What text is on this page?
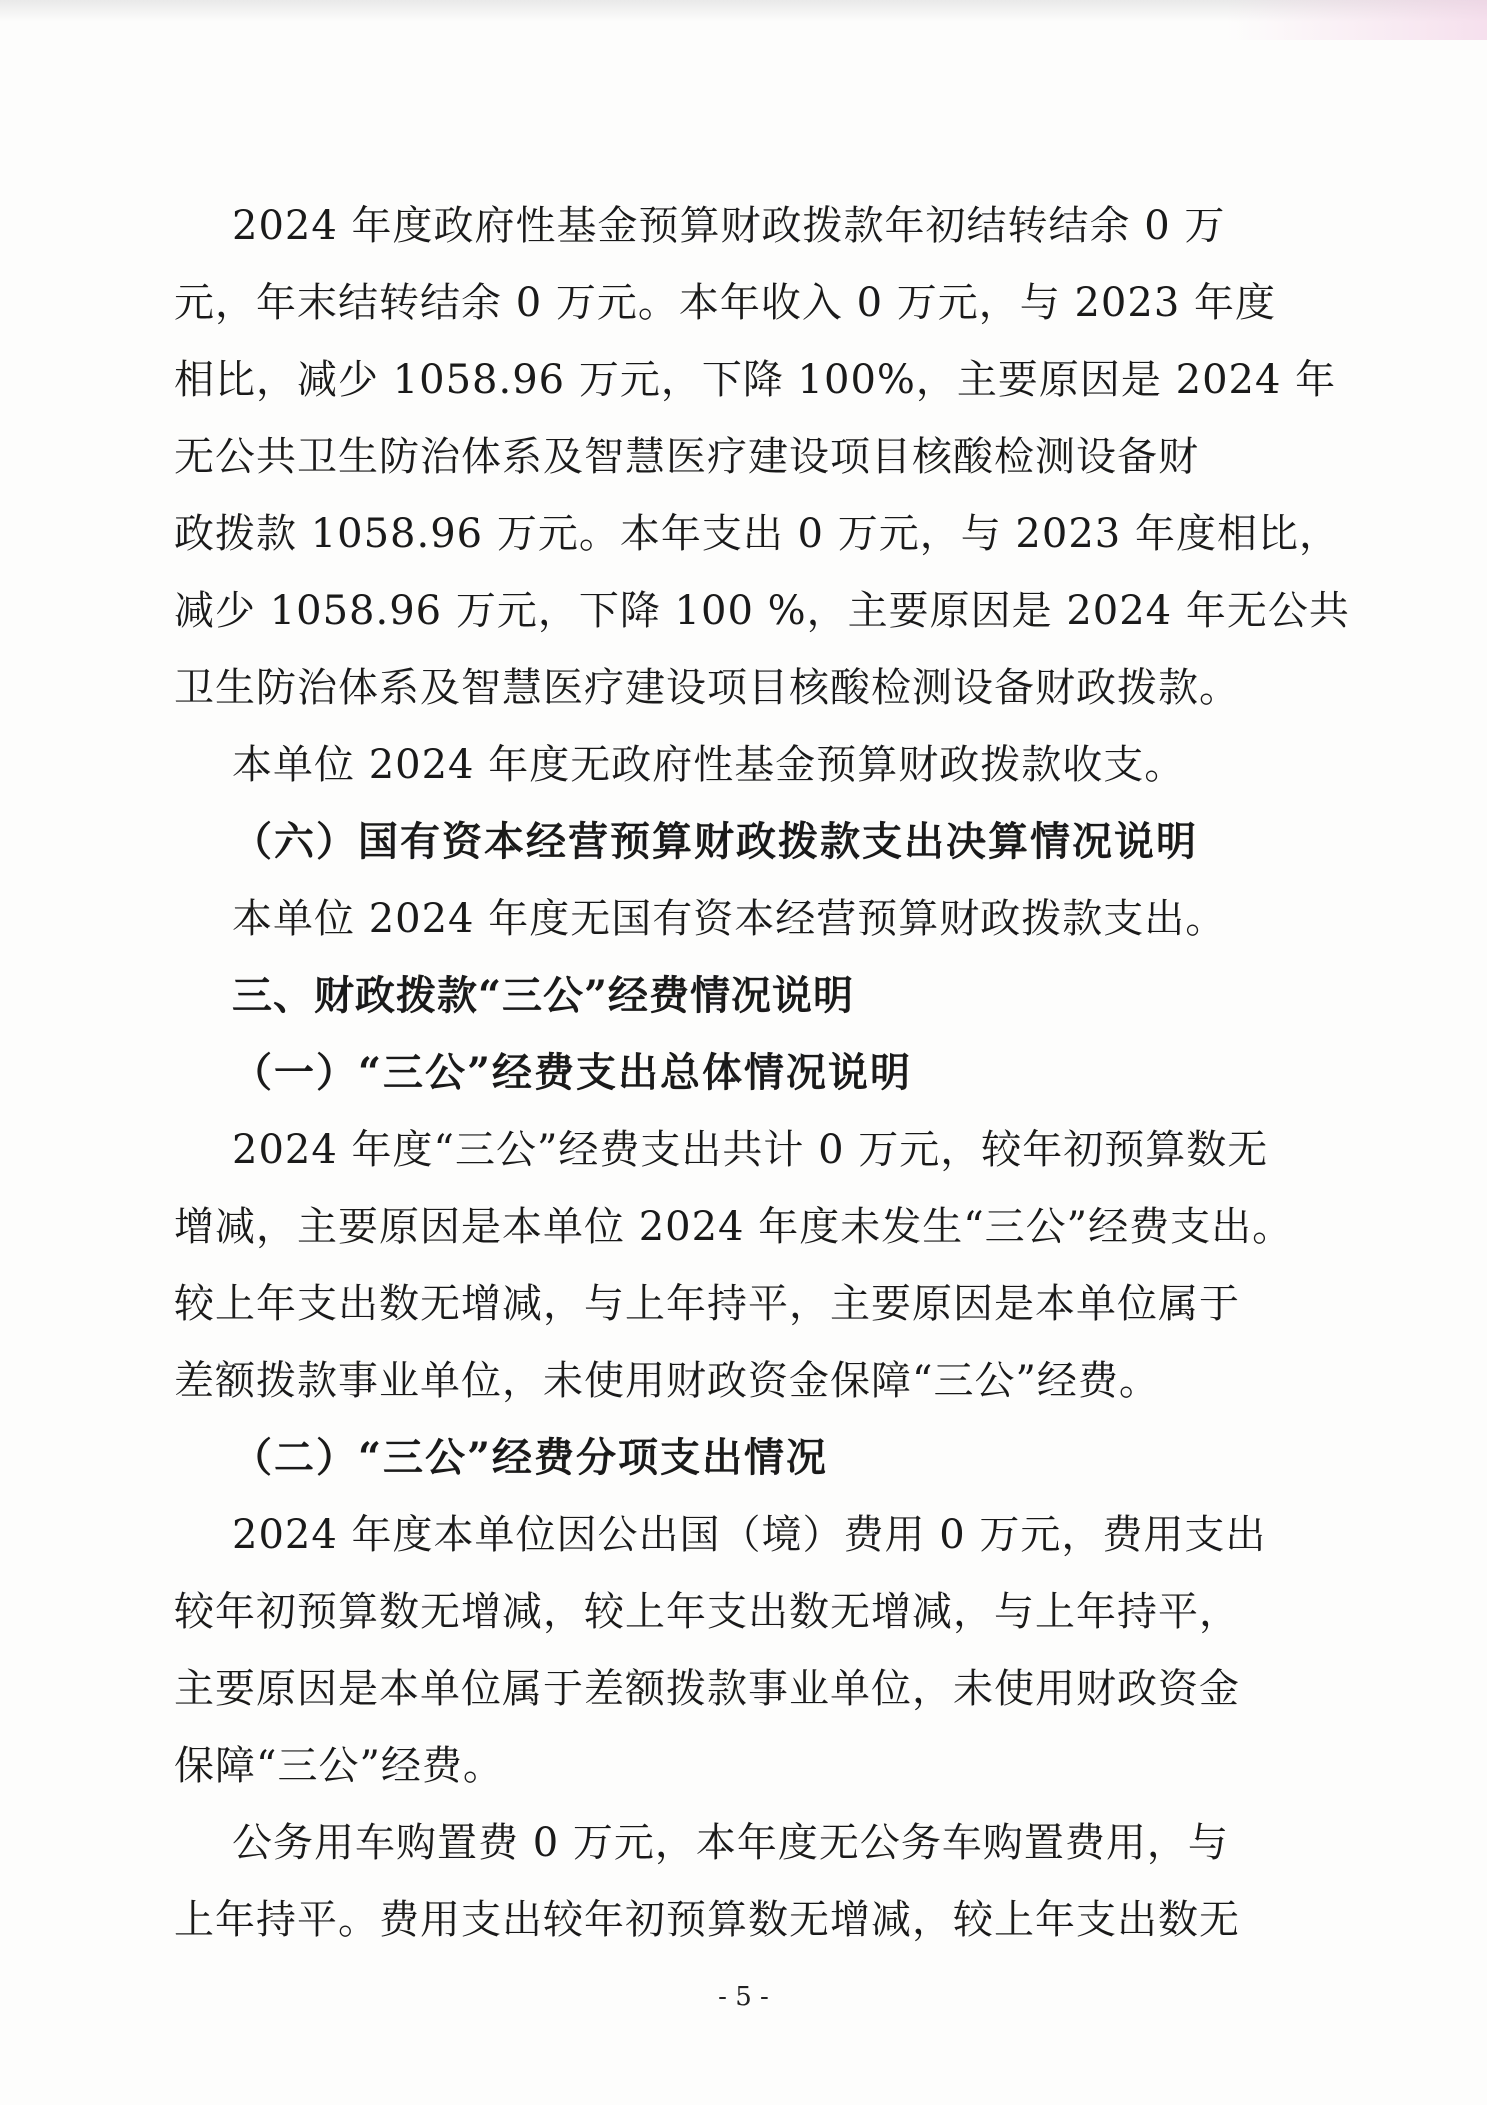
2024 年度政府性基金预算财政拨款年初结转结余 0 万
元，年末结转结余 0 万元。本年收入 0 万元，与 2023 年度
相比，减少 1058.96 万元，下降 100%，主要原因是 2024 年
无公共卫生防治体系及智慧医疗建设项目核酸检测设备财
政拨款 1058.96 万元。本年支出 0 万元，与 2023 年度相比，
减少 1058.96 万元，下降 100 %，主要原因是 2024 年无公共
卫生防治体系及智慧医疗建设项目核酸检测设备财政拨款。
本单位 2024 年度无政府性基金预算财政拨款收支。
（六）国有资本经营预算财政拨款支出决算情况说明
本单位 2024 年度无国有资本经营预算财政拨款支出。
三、财政拨款“三公”经费情况说明
（一）“三公”经费支出总体情况说明
2024 年度“三公”经费支出共计 0 万元，较年初预算数无
增减，主要原因是本单位 2024 年度未发生“三公”经费支出。
较上年支出数无增减，与上年持平，主要原因是本单位属于
差额拨款事业单位，未使用财政资金保障“三公”经费。
（二）“三公”经费分项支出情况
2024 年度本单位因公出国（境）费用 0 万元，费用支出
较年初预算数无增减，较上年支出数无增减，与上年持平，
主要原因是本单位属于差额拨款事业单位，未使用财政资金
保障“三公”经费。
公务用车购置费 0 万元，本年度无公务车购置费用，与
上年持平。费用支出较年初预算数无增减，较上年支出数无
- 5 -
